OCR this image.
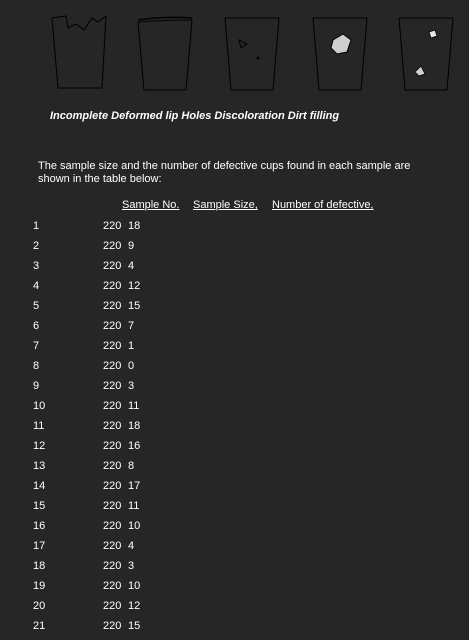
Incomplete Deformed lip Holes Discoloration Dirt filling
The sample size and the number of defective cups found in each sample are shown in the table below:
Sample No. Sample Size, Number of defective,
1	220 18
2	220 9
3	220 4
4	220 12
5	220 15
6	220 7
7	220 1
8	220 0
9	220 3
10	220 11
11	220 18
12	220 16
13	220 8
14	220 17
15	220 11
16	220 10
17	220 4
18	220 3
19	220 10
20	220 12
21	220 15
